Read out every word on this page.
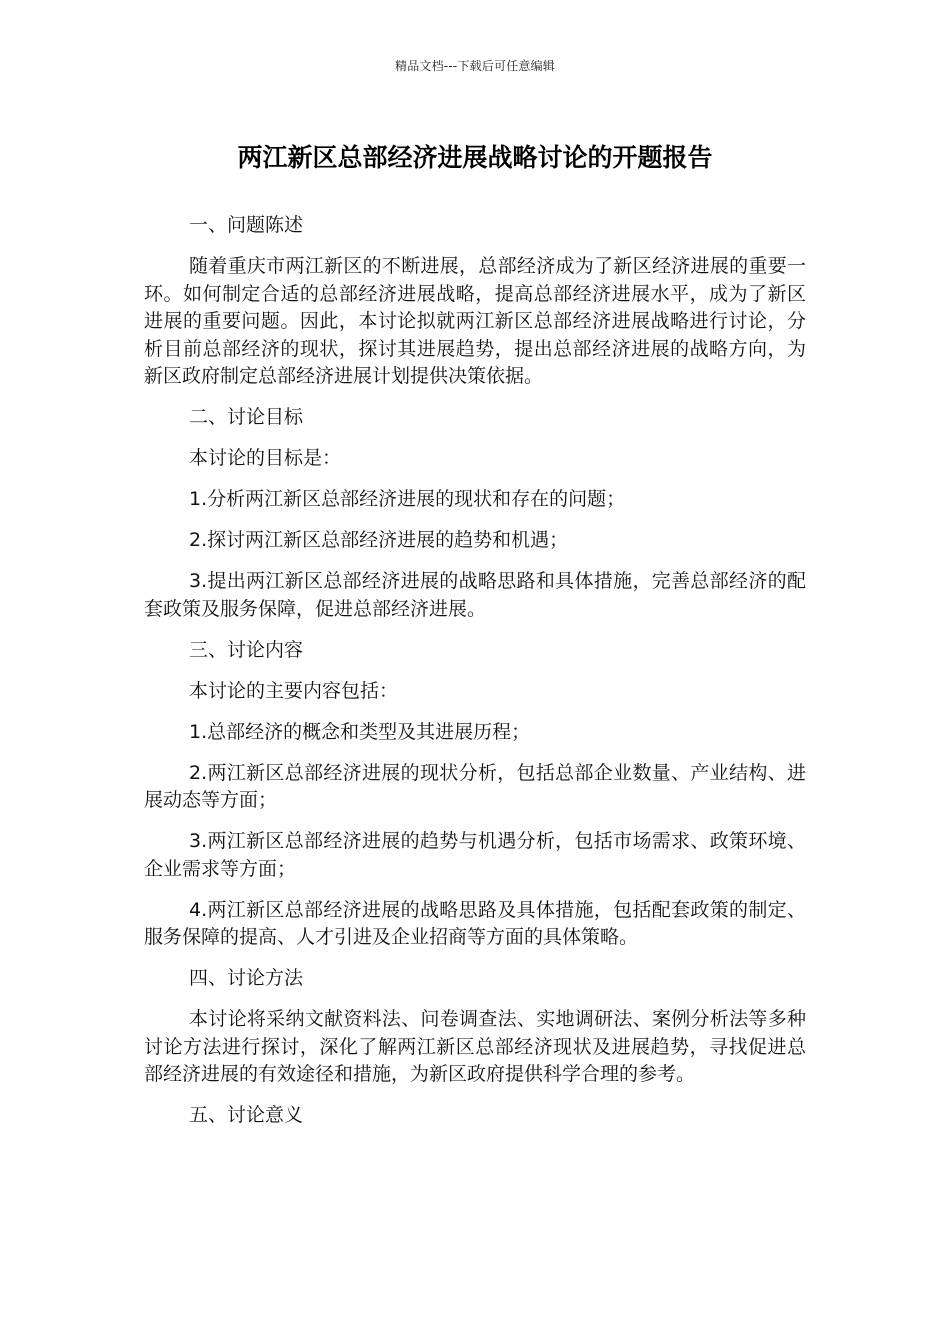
精品文档---下载后可任意编辑
两江新区总部经济进展战略讨论的开题报告

一、问题陈述

随着重庆市两江新区的不断进展，总部经济成为了新区经济进展的重要一环。如何制定合适的总部经济进展战略，提高总部经济进展水平，成为了新区进展的重要问题。因此，本讨论拟就两江新区总部经济进展战略进行讨论，分析目前总部经济的现状，探讨其进展趋势，提出总部经济进展的战略方向，为新区政府制定总部经济进展计划提供决策依据。

二、讨论目标

本讨论的目标是：

1.分析两江新区总部经济进展的现状和存在的问题；

2.探讨两江新区总部经济进展的趋势和机遇；

3.提出两江新区总部经济进展的战略思路和具体措施，完善总部经济的配套政策及服务保障，促进总部经济进展。

三、讨论内容

本讨论的主要内容包括：

1.总部经济的概念和类型及其进展历程；

2.两江新区总部经济进展的现状分析，包括总部企业数量、产业结构、进展动态等方面；

3.两江新区总部经济进展的趋势与机遇分析，包括市场需求、政策环境、企业需求等方面；

4.两江新区总部经济进展的战略思路及具体措施，包括配套政策的制定、服务保障的提高、人才引进及企业招商等方面的具体策略。

四、讨论方法

本讨论将采纳文献资料法、问卷调查法、实地调研法、案例分析法等多种讨论方法进行探讨，深化了解两江新区总部经济现状及进展趋势，寻找促进总部经济进展的有效途径和措施，为新区政府提供科学合理的参考。

五、讨论意义
